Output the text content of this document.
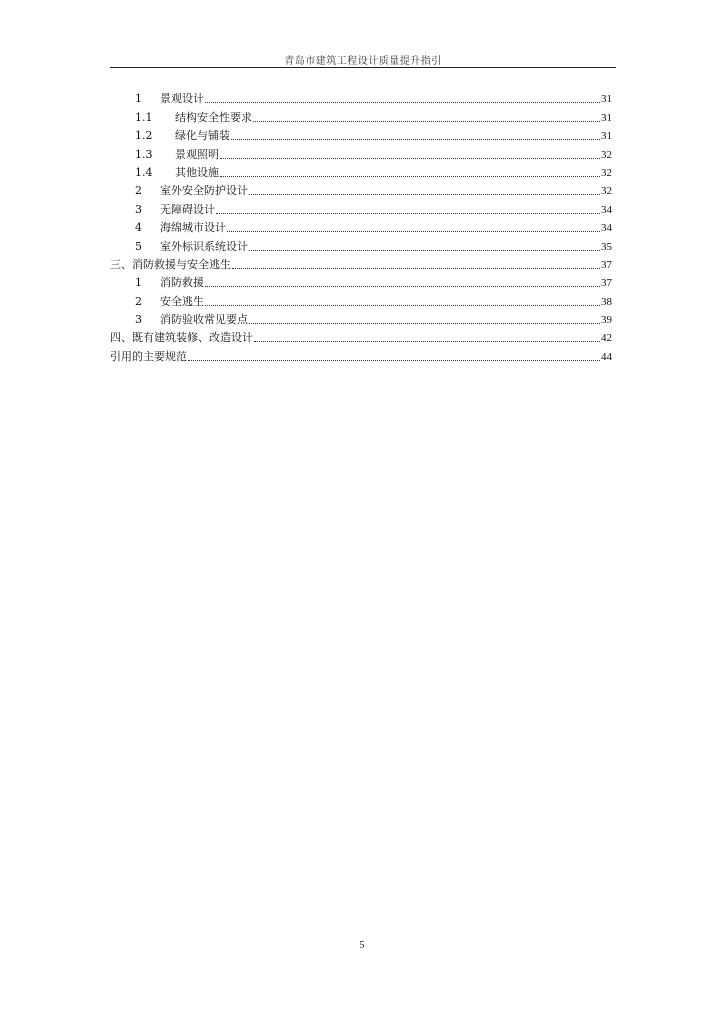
青岛市建筑工程设计质量提升指引
1	景观设计	31
1.1	结构安全性要求	31
1.2	绿化与铺装	31
1.3	景观照明	32
1.4	其他设施	32
2	室外安全防护设计	32
3	无障碍设计	34
4	海绵城市设计	34
5	室外标识系统设计	35
三、消防救援与安全逃生	37
1	消防救援	37
2	安全逃生	38
3	消防验收常见要点	39
四、既有建筑装修、改造设计	42
引用的主要规范	44
5
